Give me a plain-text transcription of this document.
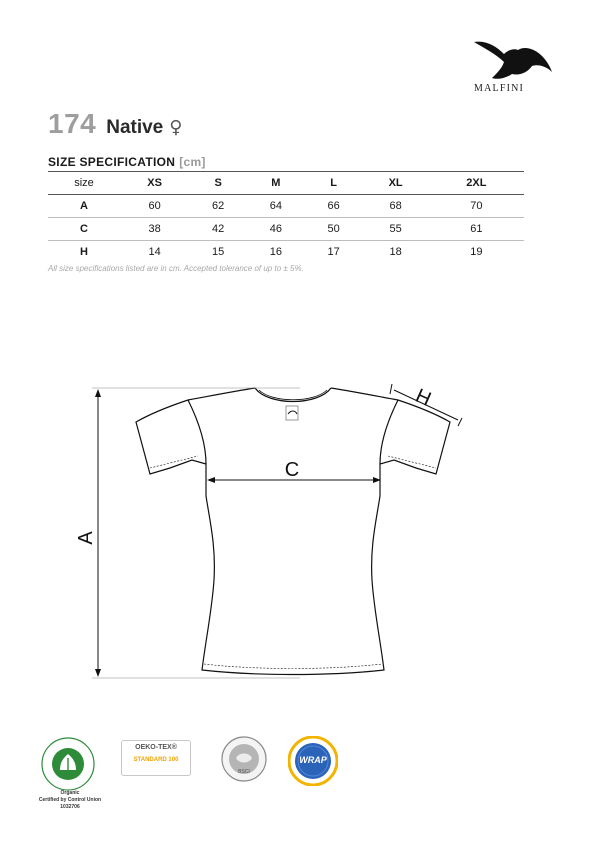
MALFINI
174 Native ♀
SIZE SPECIFICATION [cm]
size	XS	S	M	L	XL	2XL
A	60	62	64	66	68	70
C	38	42	46	50	55	61
H	14	15	16	17	18	19
All size specifications listed are in cm. Accepted tolerance of up to ± 5%.
A
C
H
Organic
Certified by Control Union
1032706
OEKO-TEX®
STANDARD 100
BSCI
WRAP
